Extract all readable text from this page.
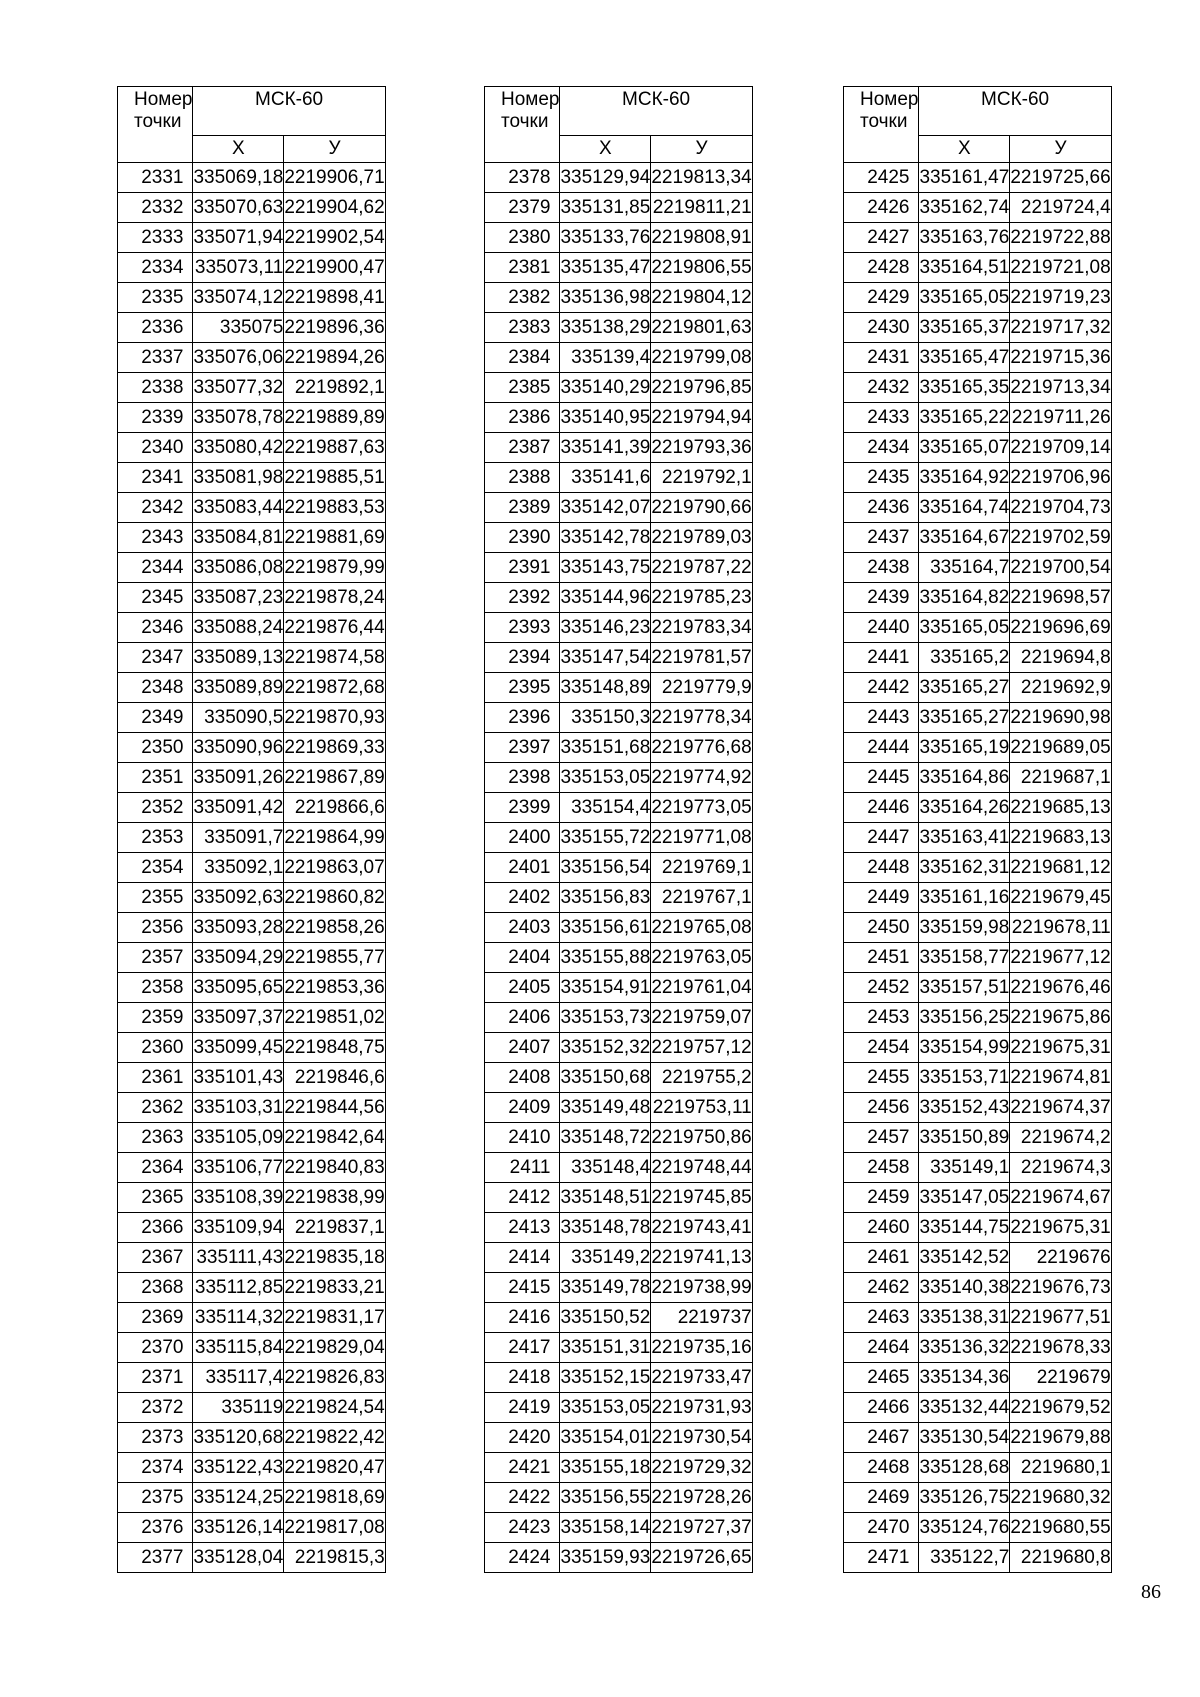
Номер
точки	МСК-60	
	Х	У
2331	335069,18	2219906,71
2332	335070,63	2219904,62
2333	335071,94	2219902,54
2334	335073,11	2219900,47
2335	335074,12	2219898,41
2336	335075	2219896,36
2337	335076,06	2219894,26
2338	335077,32	2219892,1
2339	335078,78	2219889,89
2340	335080,42	2219887,63
2341	335081,98	2219885,51
2342	335083,44	2219883,53
2343	335084,81	2219881,69
2344	335086,08	2219879,99
2345	335087,23	2219878,24
2346	335088,24	2219876,44
2347	335089,13	2219874,58
2348	335089,89	2219872,68
2349	335090,5	2219870,93
2350	335090,96	2219869,33
2351	335091,26	2219867,89
2352	335091,42	2219866,6
2353	335091,7	2219864,99
2354	335092,1	2219863,07
2355	335092,63	2219860,82
2356	335093,28	2219858,26
2357	335094,29	2219855,77
2358	335095,65	2219853,36
2359	335097,37	2219851,02
2360	335099,45	2219848,75
2361	335101,43	2219846,6
2362	335103,31	2219844,56
2363	335105,09	2219842,64
2364	335106,77	2219840,83
2365	335108,39	2219838,99
2366	335109,94	2219837,1
2367	335111,43	2219835,18
2368	335112,85	2219833,21
2369	335114,32	2219831,17
2370	335115,84	2219829,04
2371	335117,4	2219826,83
2372	335119	2219824,54
2373	335120,68	2219822,42
2374	335122,43	2219820,47
2375	335124,25	2219818,69
2376	335126,14	2219817,08
2377	335128,04	2219815,3
Номер
точки	МСК-60	
	Х	У
2378	335129,94	2219813,34
2379	335131,85	2219811,21
2380	335133,76	2219808,91
2381	335135,47	2219806,55
2382	335136,98	2219804,12
2383	335138,29	2219801,63
2384	335139,4	2219799,08
2385	335140,29	2219796,85
2386	335140,95	2219794,94
2387	335141,39	2219793,36
2388	335141,6	2219792,1
2389	335142,07	2219790,66
2390	335142,78	2219789,03
2391	335143,75	2219787,22
2392	335144,96	2219785,23
2393	335146,23	2219783,34
2394	335147,54	2219781,57
2395	335148,89	2219779,9
2396	335150,3	2219778,34
2397	335151,68	2219776,68
2398	335153,05	2219774,92
2399	335154,4	2219773,05
2400	335155,72	2219771,08
2401	335156,54	2219769,1
2402	335156,83	2219767,1
2403	335156,61	2219765,08
2404	335155,88	2219763,05
2405	335154,91	2219761,04
2406	335153,73	2219759,07
2407	335152,32	2219757,12
2408	335150,68	2219755,2
2409	335149,48	2219753,11
2410	335148,72	2219750,86
2411	335148,4	2219748,44
2412	335148,51	2219745,85
2413	335148,78	2219743,41
2414	335149,2	2219741,13
2415	335149,78	2219738,99
2416	335150,52	2219737
2417	335151,31	2219735,16
2418	335152,15	2219733,47
2419	335153,05	2219731,93
2420	335154,01	2219730,54
2421	335155,18	2219729,32
2422	335156,55	2219728,26
2423	335158,14	2219727,37
2424	335159,93	2219726,65
Номер
точки	МСК-60	
	Х	У
2425	335161,47	2219725,66
2426	335162,74	2219724,4
2427	335163,76	2219722,88
2428	335164,51	2219721,08
2429	335165,05	2219719,23
2430	335165,37	2219717,32
2431	335165,47	2219715,36
2432	335165,35	2219713,34
2433	335165,22	2219711,26
2434	335165,07	2219709,14
2435	335164,92	2219706,96
2436	335164,74	2219704,73
2437	335164,67	2219702,59
2438	335164,7	2219700,54
2439	335164,82	2219698,57
2440	335165,05	2219696,69
2441	335165,2	2219694,8
2442	335165,27	2219692,9
2443	335165,27	2219690,98
2444	335165,19	2219689,05
2445	335164,86	2219687,1
2446	335164,26	2219685,13
2447	335163,41	2219683,13
2448	335162,31	2219681,12
2449	335161,16	2219679,45
2450	335159,98	2219678,11
2451	335158,77	2219677,12
2452	335157,51	2219676,46
2453	335156,25	2219675,86
2454	335154,99	2219675,31
2455	335153,71	2219674,81
2456	335152,43	2219674,37
2457	335150,89	2219674,2
2458	335149,1	2219674,3
2459	335147,05	2219674,67
2460	335144,75	2219675,31
2461	335142,52	2219676
2462	335140,38	2219676,73
2463	335138,31	2219677,51
2464	335136,32	2219678,33
2465	335134,36	2219679
2466	335132,44	2219679,52
2467	335130,54	2219679,88
2468	335128,68	2219680,1
2469	335126,75	2219680,32
2470	335124,76	2219680,55
2471	335122,7	2219680,8
86
